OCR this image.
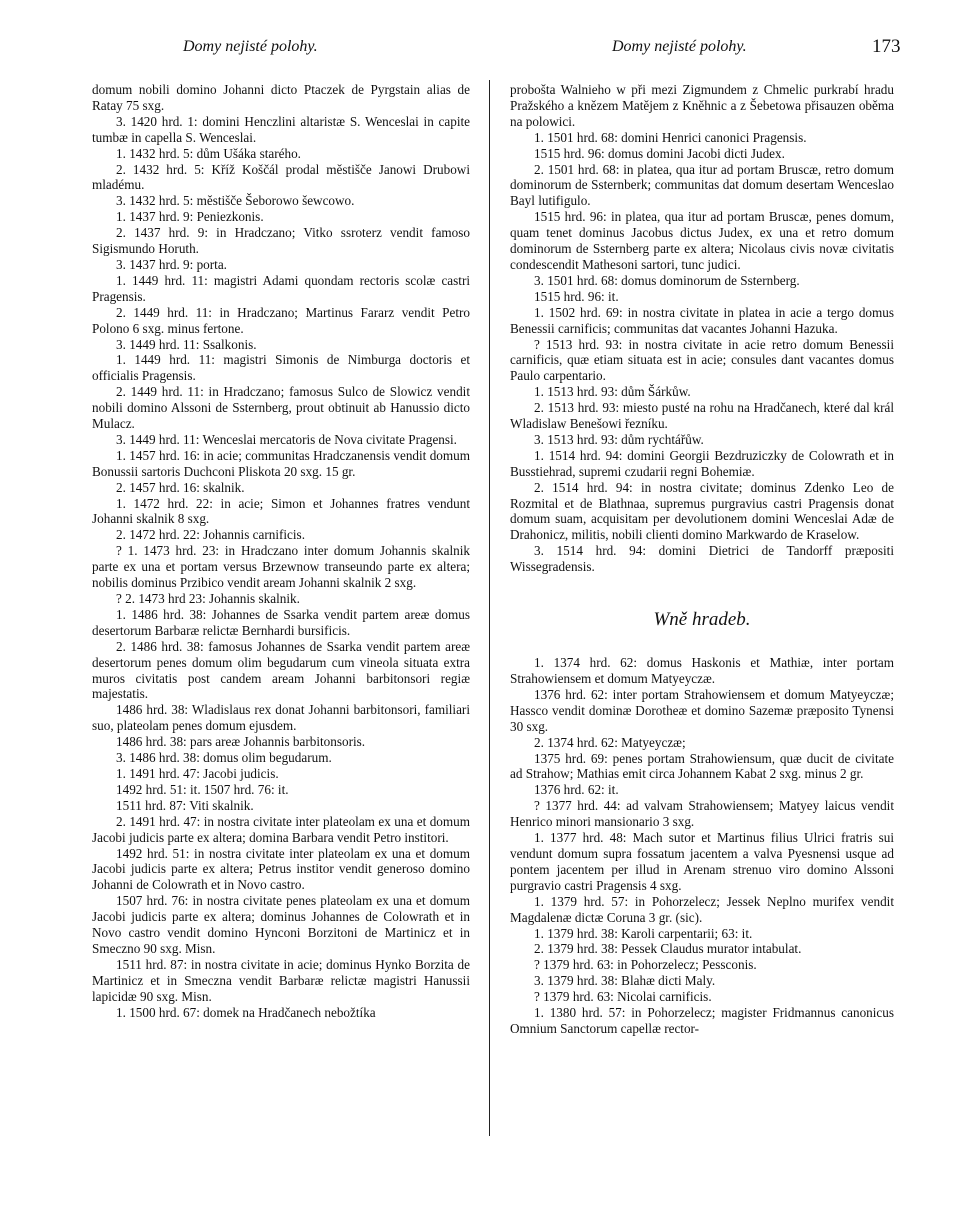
Domy nejisté polohy.	Domy nejisté polohy.	173

domum nobili domino Johanni dicto Ptaczek de Pyrgstain alias de Ratay 75 sxg.

3. 1420 hrd. 1: domini Henczlini altaristæ S. Wenceslai in capite tumbæ in capella S. Wenceslai.

1. 1432 hrd. 5: dům Ušáka starého.

2. 1432 hrd. 5: Kříž Koščál prodal městišče Janowi Drubowi mladému.

3. 1432 hrd. 5: městišče Šeborowo šewcowo.

1. 1437 hrd. 9: Peniezkonis.

2. 1437 hrd. 9: in Hradczano; Vitko ssroterz vendit famoso Sigismundo Horuth.

3. 1437 hrd. 9: porta.

1. 1449 hrd. 11: magistri Adami quondam rectoris scolæ castri Pragensis.

2. 1449 hrd. 11: in Hradczano; Martinus Fararz vendit Petro Polono 6 sxg. minus fertone.

3. 1449 hrd. 11: Ssalkonis.

1. 1449 hrd. 11: magistri Simonis de Nimburga doctoris et officialis Pragensis.

2. 1449 hrd. 11: in Hradczano; famosus Sulco de Slowicz vendit nobili domino Alssoni de Ssternberg, prout obtinuit ab Hanussio dicto Mulacz.

3. 1449 hrd. 11: Wenceslai mercatoris de Nova civitate Pragensi.

1. 1457 hrd. 16: in acie; communitas Hradczanensis vendit domum Bonussii sartoris Duchconi Pliskota 20 sxg. 15 gr.

2. 1457 hrd. 16: skalnik.

1. 1472 hrd. 22: in acie; Simon et Johannes fratres vendunt Johanni skalnik 8 sxg.

2. 1472 hrd. 22: Johannis carnificis.

? 1. 1473 hrd. 23: in Hradczano inter domum Johannis skalnik parte ex una et portam versus Brzewnow transeundo parte ex altera; nobilis dominus Przibico vendit aream Johanni skalnik 2 sxg.

? 2. 1473 hrd 23: Johannis skalnik.

1. 1486 hrd. 38: Johannes de Ssarka vendit partem areæ domus desertorum Barbaræ relictæ Bernhardi bursificis.

2. 1486 hrd. 38: famosus Johannes de Ssarka vendit partem areæ desertorum penes domum olim begudarum cum vineola situata extra muros civitatis post candem aream Johanni barbitonsori regiæ majestatis.

1486 hrd. 38: Wladislaus rex donat Johanni barbitonsori, familiari suo, plateolam penes domum ejusdem.

1486 hrd. 38: pars areæ Johannis barbitonsoris.

3. 1486 hrd. 38: domus olim begudarum.

1. 1491 hrd. 47: Jacobi judicis.

1492 hrd. 51: it. 1507 hrd. 76: it.

1511 hrd. 87: Viti skalnik.

2. 1491 hrd. 47: in nostra civitate inter plateolam ex una et domum Jacobi judicis parte ex altera; domina Barbara vendit Petro institori.

1492 hrd. 51: in nostra civitate inter plateolam ex una et domum Jacobi judicis parte ex altera; Petrus institor vendit generoso domino Johanni de Colowrath et in Novo castro.

1507 hrd. 76: in nostra civitate penes plateolam ex una et domum Jacobi judicis parte ex altera; dominus Johannes de Colowrath et in Novo castro vendit domino Hynconi Borzitoni de Martinicz et in Smeczno 90 sxg. Misn.

1511 hrd. 87: in nostra civitate in acie; dominus Hynko Borzita de Martinicz et in Smeczna vendit Barbaræ relictæ magistri Hanussii lapicidæ 90 sxg. Misn.

1. 1500 hrd. 67: domek na Hradčanech nebožtíka

probošta Walnieho w při mezi Zigmundem z Chmelic purkrabí hradu Pražského a knězem Matějem z Kněhnic a z Šebetowa přisauzen oběma na polowici.

1. 1501 hrd. 68: domini Henrici canonici Pragensis.

1515 hrd. 96: domus domini Jacobi dicti Judex.

2. 1501 hrd. 68: in platea, qua itur ad portam Bruscæ, retro domum dominorum de Ssternberk; communitas dat domum desertam Wenceslao Bayl lutifigulo.

1515 hrd. 96: in platea, qua itur ad portam Bruscæ, penes domum, quam tenet dominus Jacobus dictus Judex, ex una et retro domum dominorum de Ssternberg parte ex altera; Nicolaus civis novæ civitatis condescendit Mathesoni sartori, tunc judici.

3. 1501 hrd. 68: domus dominorum de Ssternberg.

1515 hrd. 96: it.

1. 1502 hrd. 69: in nostra civitate in platea in acie a tergo domus Benessii carnificis; communitas dat vacantes Johanni Hazuka.

? 1513 hrd. 93: in nostra civitate in acie retro domum Benessii carnificis, quæ etiam situata est in acie; consules dant vacantes domus Paulo carpentario.

1. 1513 hrd. 93: dům Šárkůw.

2. 1513 hrd. 93: miesto pusté na rohu na Hradčanech, které dal král Wladislaw Benešowi řezníku.

3. 1513 hrd. 93: dům rychtářůw.

1. 1514 hrd. 94: domini Georgii Bezdruziczky de Colowrath et in Busstiehrad, supremi czudarii regni Bohemiæ.

2. 1514 hrd. 94: in nostra civitate; dominus Zdenko Leo de Rozmital et de Blathnaa, supremus purgravius castri Pragensis donat domum suam, acquisitam per devolutionem domini Wenceslai Adæ de Drahonicz, militis, nobili clienti domino Markwardo de Kraselow.

3. 1514 hrd. 94: domini Dietrici de Tandorff præpositi Wissegradensis.

Wně hradeb.

1. 1374 hrd. 62: domus Haskonis et Mathiæ, inter portam Strahowiensem et domum Matyeyczæ.

1376 hrd. 62: inter portam Strahowiensem et domum Matyeyczæ; Hassco vendit dominæ Dorotheæ et domino Sazemæ præposito Tynensi 30 sxg.

2. 1374 hrd. 62: Matyeyczæ;

1375 hrd. 69: penes portam Strahowiensum, quæ ducit de civitate ad Strahow; Mathias emit circa Johannem Kabat 2 sxg. minus 2 gr.

1376 hrd. 62: it.

? 1377 hrd. 44: ad valvam Strahowiensem; Matyey laicus vendit Henrico minori mansionario 3 sxg.

1. 1377 hrd. 48: Mach sutor et Martinus filius Ulrici fratris sui vendunt domum supra fossatum jacentem a valva Pyesnensi usque ad pontem jacentem per illud in Arenam strenuo viro domino Alssoni purgravio castri Pragensis 4 sxg.

1. 1379 hrd. 57: in Pohorzelecz; Jessek Neplno murifex vendit Magdalenæ dictæ Coruna 3 gr. (sic).

1. 1379 hrd. 38: Karoli carpentarii; 63: it.

2. 1379 hrd. 38: Pessek Claudus murator intabulat.

? 1379 hrd. 63: in Pohorzelecz; Pessconis.

3. 1379 hrd. 38: Blahæ dicti Maly.

? 1379 hrd. 63: Nicolai carnificis.

1. 1380 hrd. 57: in Pohorzelecz; magister Fridmannus canonicus Omnium Sanctorum capellæ rector-
